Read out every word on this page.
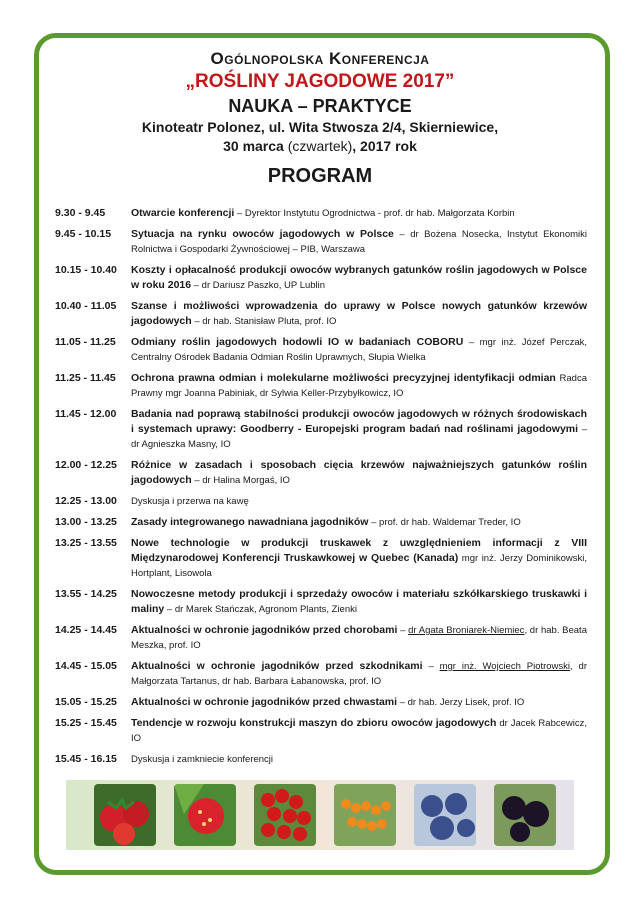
Ogólnopolska Konferencja
„ROŚLINY JAGODOWE 2017”
NAUKA – PRAKTYCE
Kinoteatr Polonez, ul. Wita Stwosza 2/4, Skierniewice,
30 marca (czwartek), 2017 rok
PROGRAM
9.30 - 9.45	Otwarcie konferencji – Dyrektor Instytutu Ogrodnictwa - prof. dr hab. Małgorzata Korbin
9.45 - 10.15	Sytuacja na rynku owoców jagodowych w Polsce – dr Bożena Nosecka, Instytut Ekonomiki Rolnictwa i Gospodarki Żywnościowej – PIB, Warszawa
10.15 - 10.40	Koszty i opłacalność produkcji owoców wybranych gatunków roślin jagodowych w Polsce w roku 2016 – dr Dariusz Paszko, UP Lublin
10.40 - 11.05	Szanse i możliwości wprowadzenia do uprawy w Polsce nowych gatunków krzewów jagodowych – dr hab. Stanisław Pluta, prof. IO
11.05 - 11.25	Odmiany roślin jagodowych hodowli IO w badaniach COBORU – mgr inż. Józef Perczak, Centralny Ośrodek Badania Odmian Roślin Uprawnych, Słupia Wielka
11.25 - 11.45	Ochrona prawna odmian i molekularne możliwości precyzyjnej identyfikacji odmian Radca Prawny mgr Joanna Pabiniak, dr Sylwia Keller-Przybyłkowicz, IO
11.45 - 12.00	Badania nad poprawą stabilności produkcji owoców jagodowych w różnych środowiskach i systemach uprawy: Goodberry - Europejski program badań nad roślinami jagodowymi – dr Agnieszka Masny, IO
12.00 - 12.25	Różnice w zasadach i sposobach cięcia krzewów najważniejszych gatunków roślin jagodowych – dr Halina Morgaś, IO
12.25 - 13.00	Dyskusja i przerwa na kawę
13.00 - 13.25	Zasady integrowanego nawadniana jagodników – prof. dr hab. Waldemar Treder, IO
13.25 - 13.55	Nowe technologie w produkcji truskawek z uwzględnieniem informacji z VIII Międzynarodowej Konferencji Truskawkowej w Quebec (Kanada) mgr inż. Jerzy Dominikowski, Hortplant, Lisowola
13.55 - 14.25	Nowoczesne metody produkcji i sprzedaży owoców i materiału szkółkarskiego truskawki i maliny – dr Marek Stańczak, Agronom Plants, Zienki
14.25 - 14.45	Aktualności w ochronie jagodników przed chorobami – dr Agata Broniarek-Niemiec, dr hab. Beata Meszka, prof. IO
14.45 - 15.05	Aktualności w ochronie jagodników przed szkodnikami – mgr inż. Wojciech Piotrowski, dr Małgorzata Tartanus, dr hab. Barbara Łabanowska, prof. IO
15.05 - 15.25	Aktualności w ochronie jagodników przed chwastami – dr hab. Jerzy Lisek, prof. IO
15.25 - 15.45	Tendencje w rozwoju konstrukcji maszyn do zbioru owoców jagodowych dr Jacek Rabcewicz, IO
15.45 - 16.15	Dyskusja i zamkniecie konferencji
